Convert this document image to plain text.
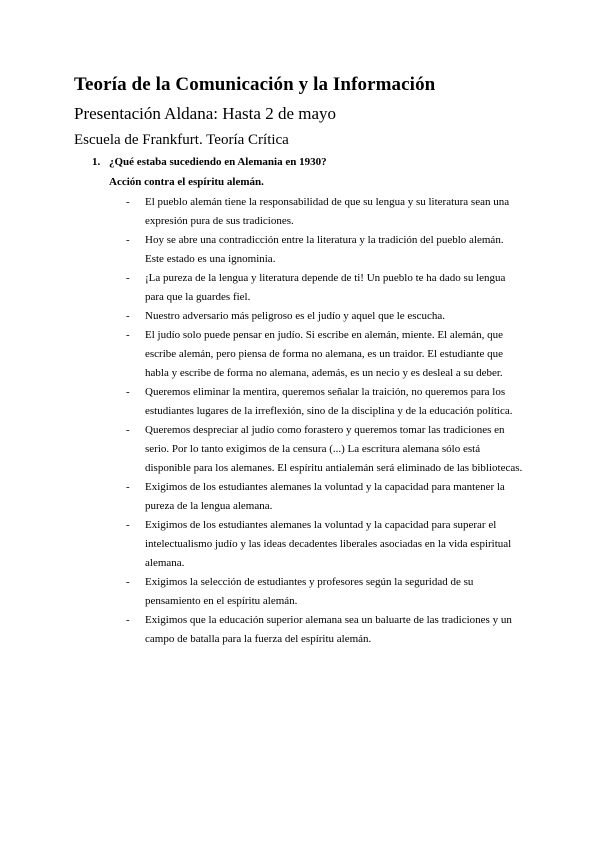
Teoría de la Comunicación y la Información
Presentación Aldana: Hasta 2 de mayo
Escuela de Frankfurt. Teoría Crítica
1. ¿Qué estaba sucediendo en Alemania en 1930?
Acción contra el espíritu alemán.
- El pueblo alemán tiene la responsabilidad de que su lengua y su literatura sean una expresión pura de sus tradiciones.
- Hoy se abre una contradicción entre la literatura y la tradición del pueblo alemán. Este estado es una ignominia.
- ¡La pureza de la lengua y literatura depende de ti! Un pueblo te ha dado su lengua para que la guardes fiel.
- Nuestro adversario más peligroso es el judío y aquel que le escucha.
- El judío solo puede pensar en judío. Si escribe en alemán, miente. El alemán, que escribe alemán, pero piensa de forma no alemana, es un traidor. El estudiante que habla y escribe de forma no alemana, además, es un necio y es desleal a su deber.
- Queremos eliminar la mentira, queremos señalar la traición, no queremos para los estudiantes lugares de la irreflexión, sino de la disciplina y de la educación política.
- Queremos despreciar al judío como forastero y queremos tomar las tradiciones en serio. Por lo tanto exigimos de la censura (...) La escritura alemana sólo está disponible para los alemanes. El espíritu antialemán será eliminado de las bibliotecas.
- Exigimos de los estudiantes alemanes la voluntad y la capacidad para mantener la pureza de la lengua alemana.
- Exigimos de los estudiantes alemanes la voluntad y la capacidad para superar el intelectualismo judío y las ideas decadentes liberales asociadas en la vida espiritual alemana.
- Exigimos la selección de estudiantes y profesores según la seguridad de su pensamiento en el espíritu alemán.
- Exigimos que la educación superior alemana sea un baluarte de las tradiciones y un campo de batalla para la fuerza del espíritu alemán.
